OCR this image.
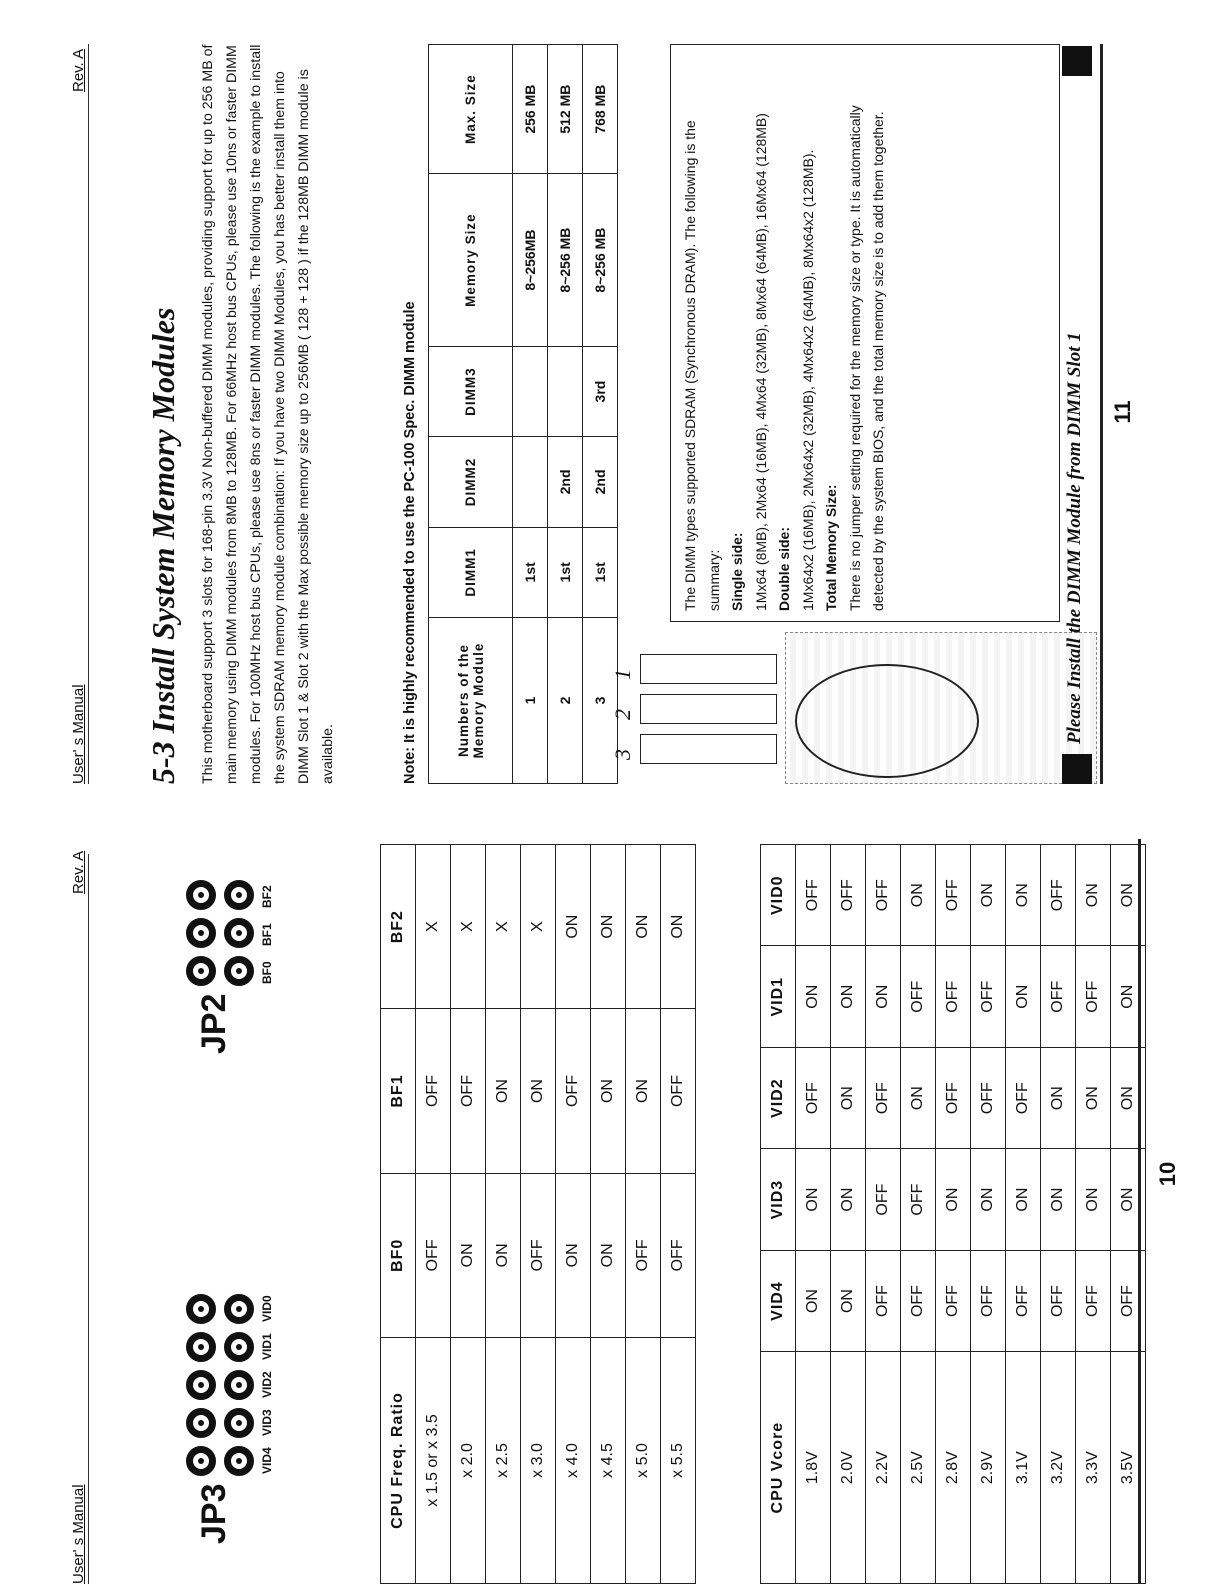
User' s Manual
Rev. A
JP3
VID4
VID3
VID2
VID1
VID0
JP2
BF0
BF1
BF2
CPU Freq. Ratio	BF0	BF1	BF2
x 1.5 or x 3.5	OFF	OFF	X
x 2.0	ON	OFF	X
x 2.5	ON	ON	X
x 3.0	OFF	ON	X
x 4.0	ON	OFF	ON
x 4.5	ON	ON	ON
x 5.0	OFF	ON	ON
x 5.5	OFF	OFF	ON
CPU Vcore	VID4	VID3	VID2	VID1	VID0
1.8V	ON	ON	OFF	ON	OFF
2.0V	ON	ON	ON	ON	OFF
2.2V	OFF	OFF	OFF	ON	OFF
2.5V	OFF	OFF	ON	OFF	ON
2.8V	OFF	ON	OFF	OFF	OFF
2.9V	OFF	ON	OFF	OFF	ON
3.1V	OFF	ON	OFF	ON	ON
3.2V	OFF	ON	ON	OFF	OFF
3.3V	OFF	ON	ON	OFF	ON
3.5V	OFF	ON	ON	ON	ON
10
User' s Manual
Rev. A
5-3 Install System Memory Modules This motherboard support 3 slots for 168-pin 3.3V Non-buffered DIMM modules, providing support for up to 256 MB of main memory using DIMM modules from 8MB to 128MB. For 66MHz host bus CPUs, please use 10ns or faster DIMM modules. For 100MHz host bus CPUs, please use 8ns or faster DIMM modules. The following is the example to install the system SDRAM memory module combination: If you have two DIMM Modules, you has better install them into DIMM Slot 1 & Slot 2 with the Max possible memory size up to 256MB ( 128 + 128 ) if the 128MB DIMM module is available.	Note: It is highly recommended to use the PC-100 Spec. DIMM module	Numbers of the Memory Module	DIMM1	DIMM2	DIMM3	Memory Size	Max. Size
1	1st			8~256MB	256 MB
2	1st	2nd		8~256 MB	512 MB
3	1st	2nd	3rd	8~256 MB	768 MB
3
2
1

The DIMM types supported SDRAM (Synchronous DRAM). The following is the summary: Single side: 1Mx64 (8MB), 2Mx64 (16MB), 4Mx64 (32MB), 8Mx64 (64MB), 16Mx64 (128MB) Double side: 1Mx64x2 (16MB), 2Mx64x2 (32MB), 4Mx64x2 (64MB), 8Mx64x2 (128MB). Total Memory Size: There is no jumper setting required for the memory size or type. It is automatically detected by the system BIOS, and the total memory size is to add them together.	Please Install the DIMM Module from DIMM Slot 1 11
